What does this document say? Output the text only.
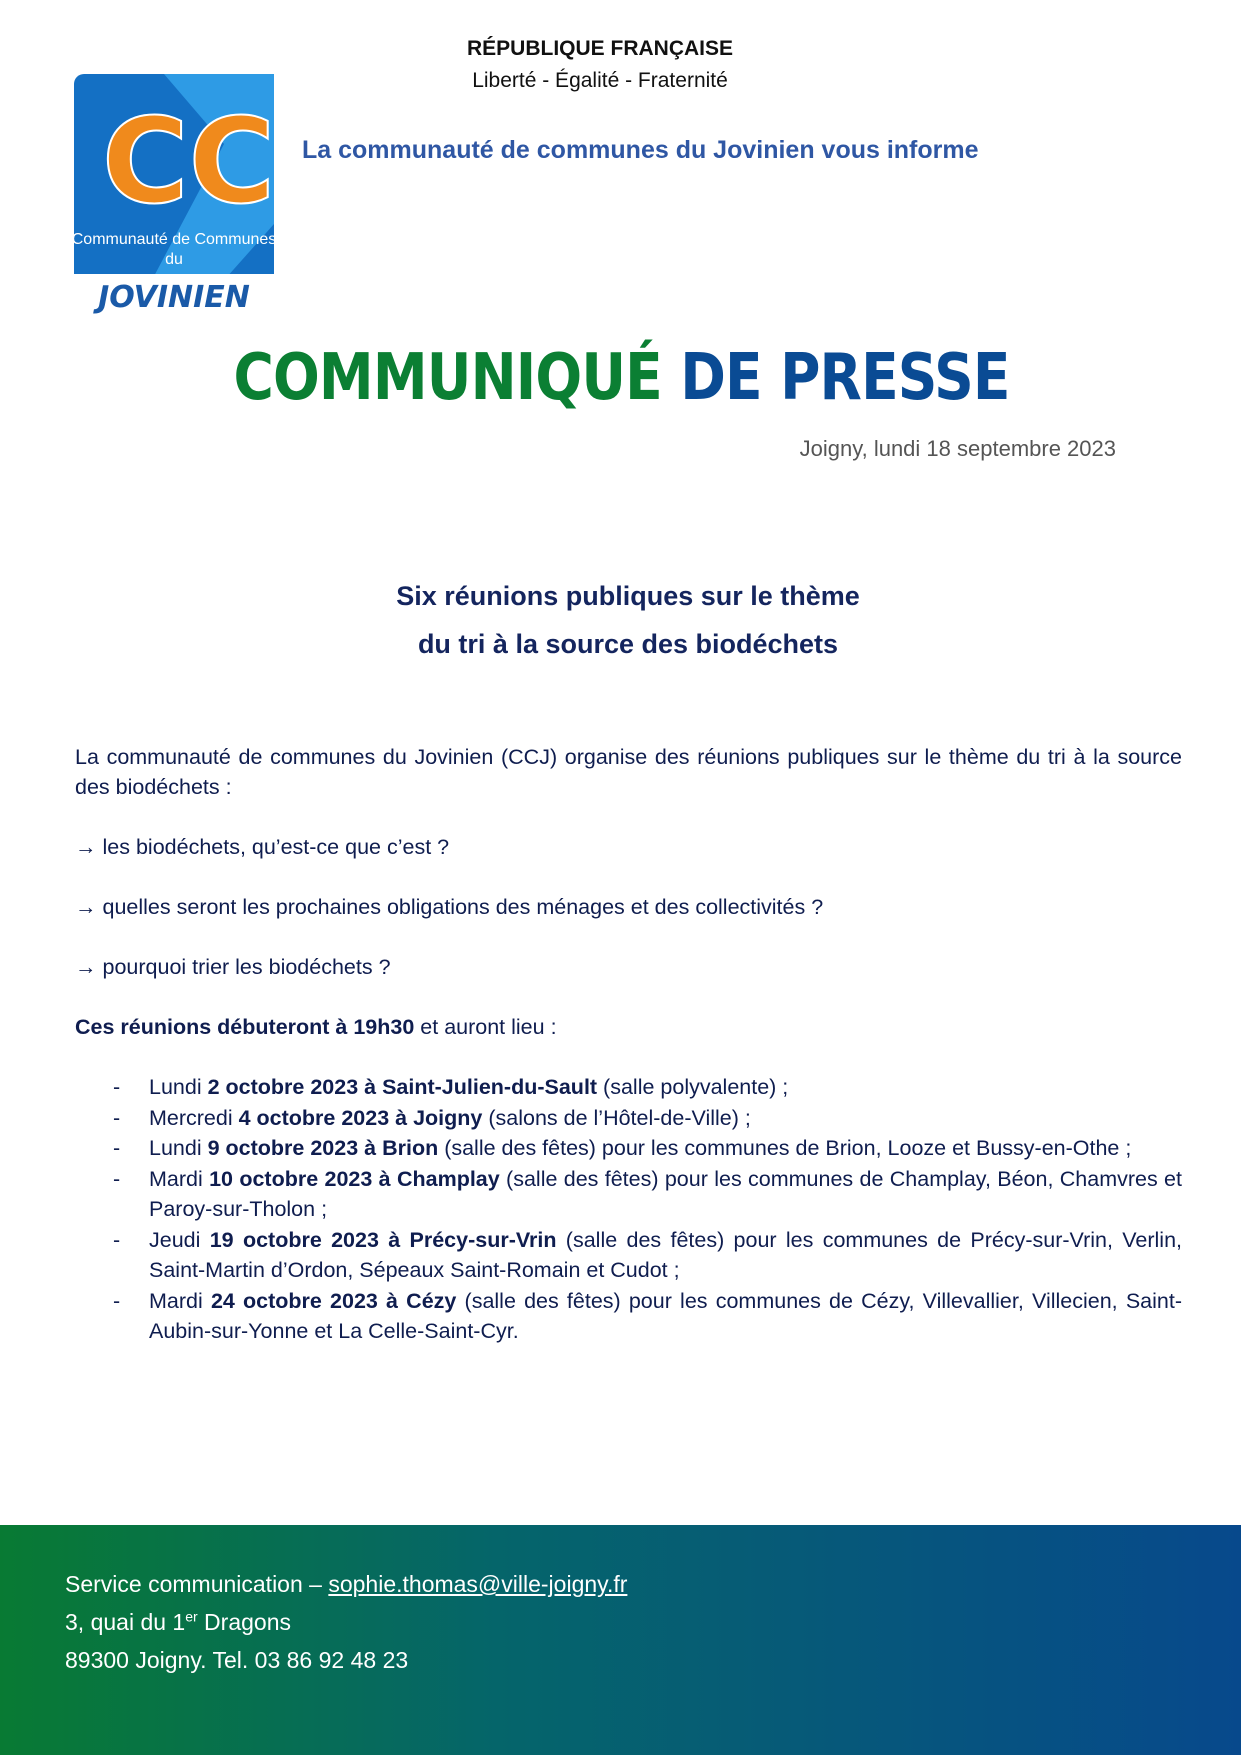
RÉPUBLIQUE FRANÇAISE
Liberté - Égalité - Fraternité
CC
Communauté de Communes
du
JOVINIEN
La communauté de communes du Jovinien vous informe
COMMUNIQUÉ DE PRESSE
Joigny, lundi 18 septembre 2023
Six réunions publiques sur le thème
du tri à la source des biodéchets

La communauté de communes du Jovinien (CCJ) organise des réunions publiques sur le thème du tri à la source des biodéchets :

→ les biodéchets, qu’est-ce que c’est ?

→ quelles seront les prochaines obligations des ménages et des collectivités ?

→ pourquoi trier les biodéchets ?

Ces réunions débuteront à 19h30 et auront lieu :

- Lundi 2 octobre 2023 à Saint-Julien-du-Sault (salle polyvalente) ;
- Mercredi 4 octobre 2023 à Joigny (salons de l’Hôtel-de-Ville) ;
- Lundi 9 octobre 2023 à Brion (salle des fêtes) pour les communes de Brion, Looze et Bussy-en-Othe ;
- Mardi 10 octobre 2023 à Champlay (salle des fêtes) pour les communes de Champlay, Béon, Chamvres et Paroy-sur-Tholon ;
- Jeudi 19 octobre 2023 à Précy-sur-Vrin (salle des fêtes) pour les communes de Précy-sur-Vrin, Verlin, Saint-Martin d’Ordon, Sépeaux Saint-Romain et Cudot ;
- Mardi 24 octobre 2023 à Cézy (salle des fêtes) pour les communes de Cézy, Villevallier, Villecien, Saint-Aubin-sur-Yonne et La Celle-Saint-Cyr.
Service communication – sophie.thomas@ville-joigny.fr
3, quai du 1er Dragons
89300 Joigny. Tel. 03 86 92 48 23
